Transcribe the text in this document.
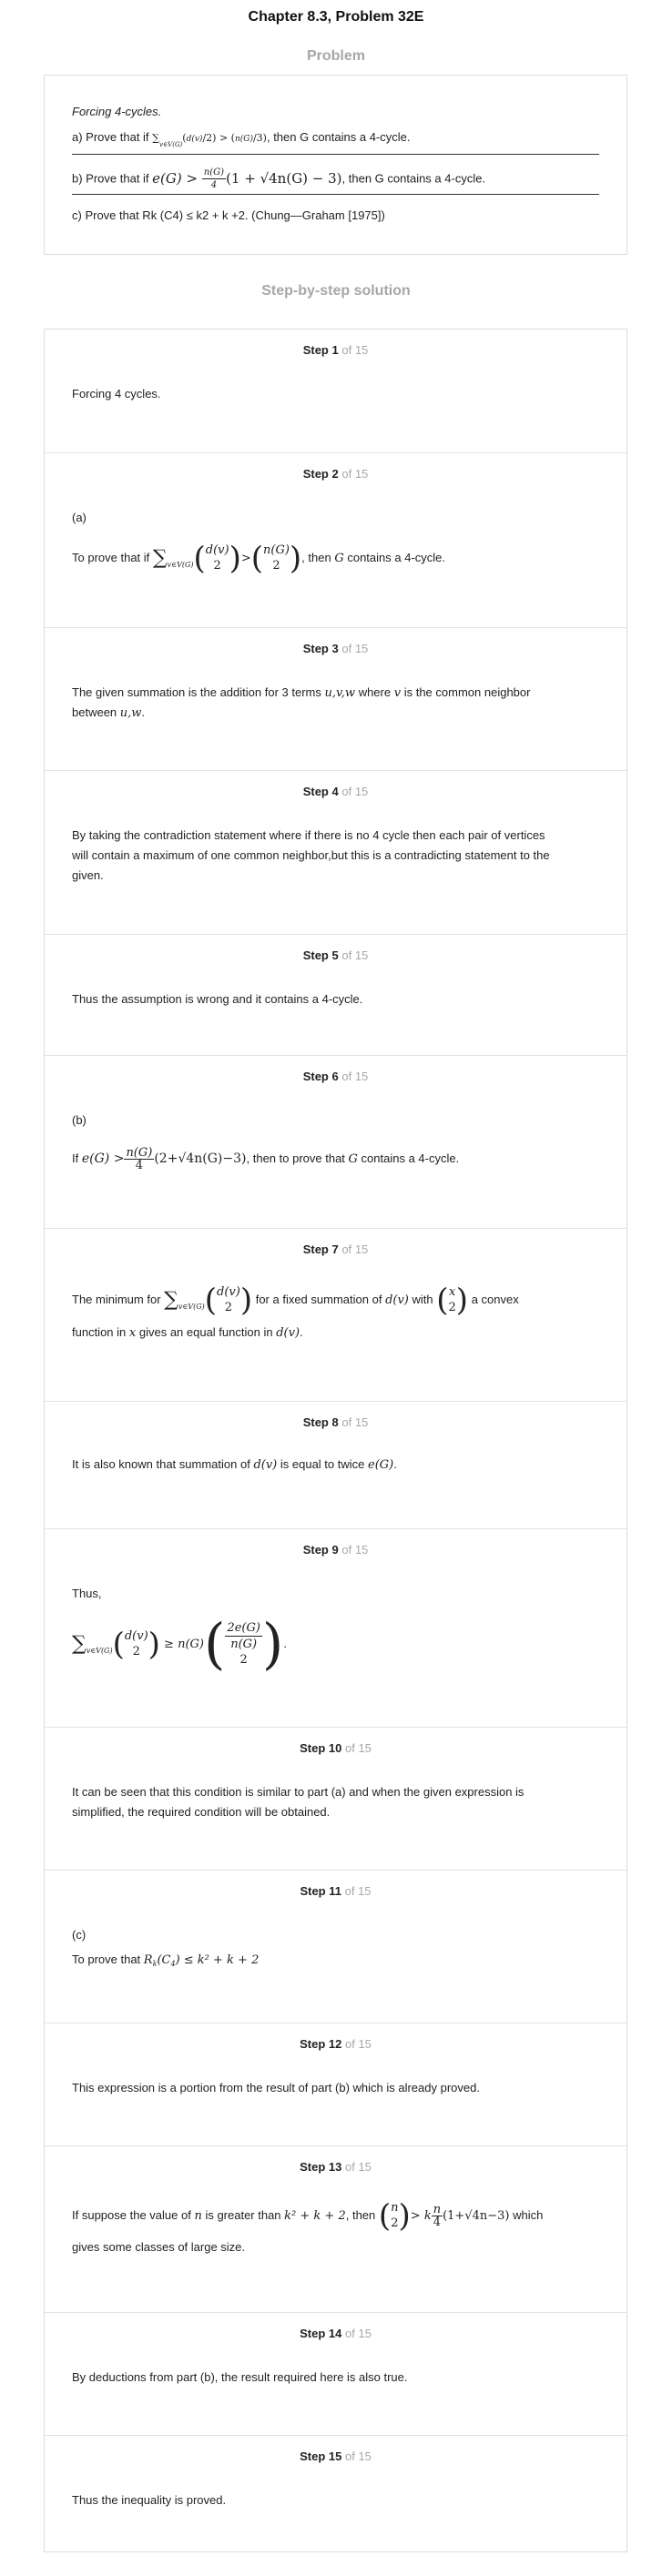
Chapter 8.3, Problem 32E
Problem
Forcing 4-cycles.
a) Prove that if $\sum_{v\in V(G)}(d(v)/2) > (n(G)/3)$, then G contains a 4-cycle.
b) Prove that if $e(G) > \frac{n(G)}{4} (1 + √4n(G) - 3)$, then G contains a 4-cycle.
c) Prove that Rk (C4) ≤ k2 + k +2. (Chung—Graham [1975])
Step-by-step solution
Step 1 of 15
Forcing 4 cycles.
Step 2 of 15
(a)
To prove that if $\sum_{v\in V(G)}$( d(v)
2 )>( n(G)
2 ), then G contains a 4-cycle.
Step 3 of 15
The given summation is the addition for 3 terms u,v,w where v is the common neighbor
between u,w.
Step 4 of 15
By taking the contradiction statement where if there is no 4 cycle then each pair of vertices
will contain a maximum of one common neighbor,but this is a contradicting statement to the
given.
Step 5 of 15
Thus the assumption is wrong and it contains a 4-cycle.
Step 6 of 15
(b)
If $e(G) > \frac{n(G)}{4} (2+√4n(G)-3)$, then to prove that G contains a 4-cycle.
Step 7 of 15
The minimum for $\sum_{v\in V(G)}$( d(v)
2 ) for a fixed summation of d(v) with ( x
2 ) a convex
function in x gives an equal function in d(v).
Step 8 of 15
It is also known that summation of d(v) is equal to twice e(G).
Step 9 of 15
Thus,
$\sum_{v\in V(G)}$( d(v)
2 ) ≥ n(G)( 2e(G)
n(G)
2 ).
Step 10 of 15
It can be seen that this condition is similar to part (a) and when the given expression is
simplified, the required condition will be obtained.
Step 11 of 15
(c)
To prove that $R_k(C_4) \le k^2 + k + 2$
Step 12 of 15
This expression is a portion from the result of part (b) which is already proved.
Step 13 of 15
If suppose the value of n is greater than k² + k + 2, then ( n
2 )> k $\frac{n}{4} (1+√4n-3)$ which
gives some classes of large size.
Step 14 of 15
By deductions from part (b), the result required here is also true.
Step 15 of 15
Thus the inequality is proved.
